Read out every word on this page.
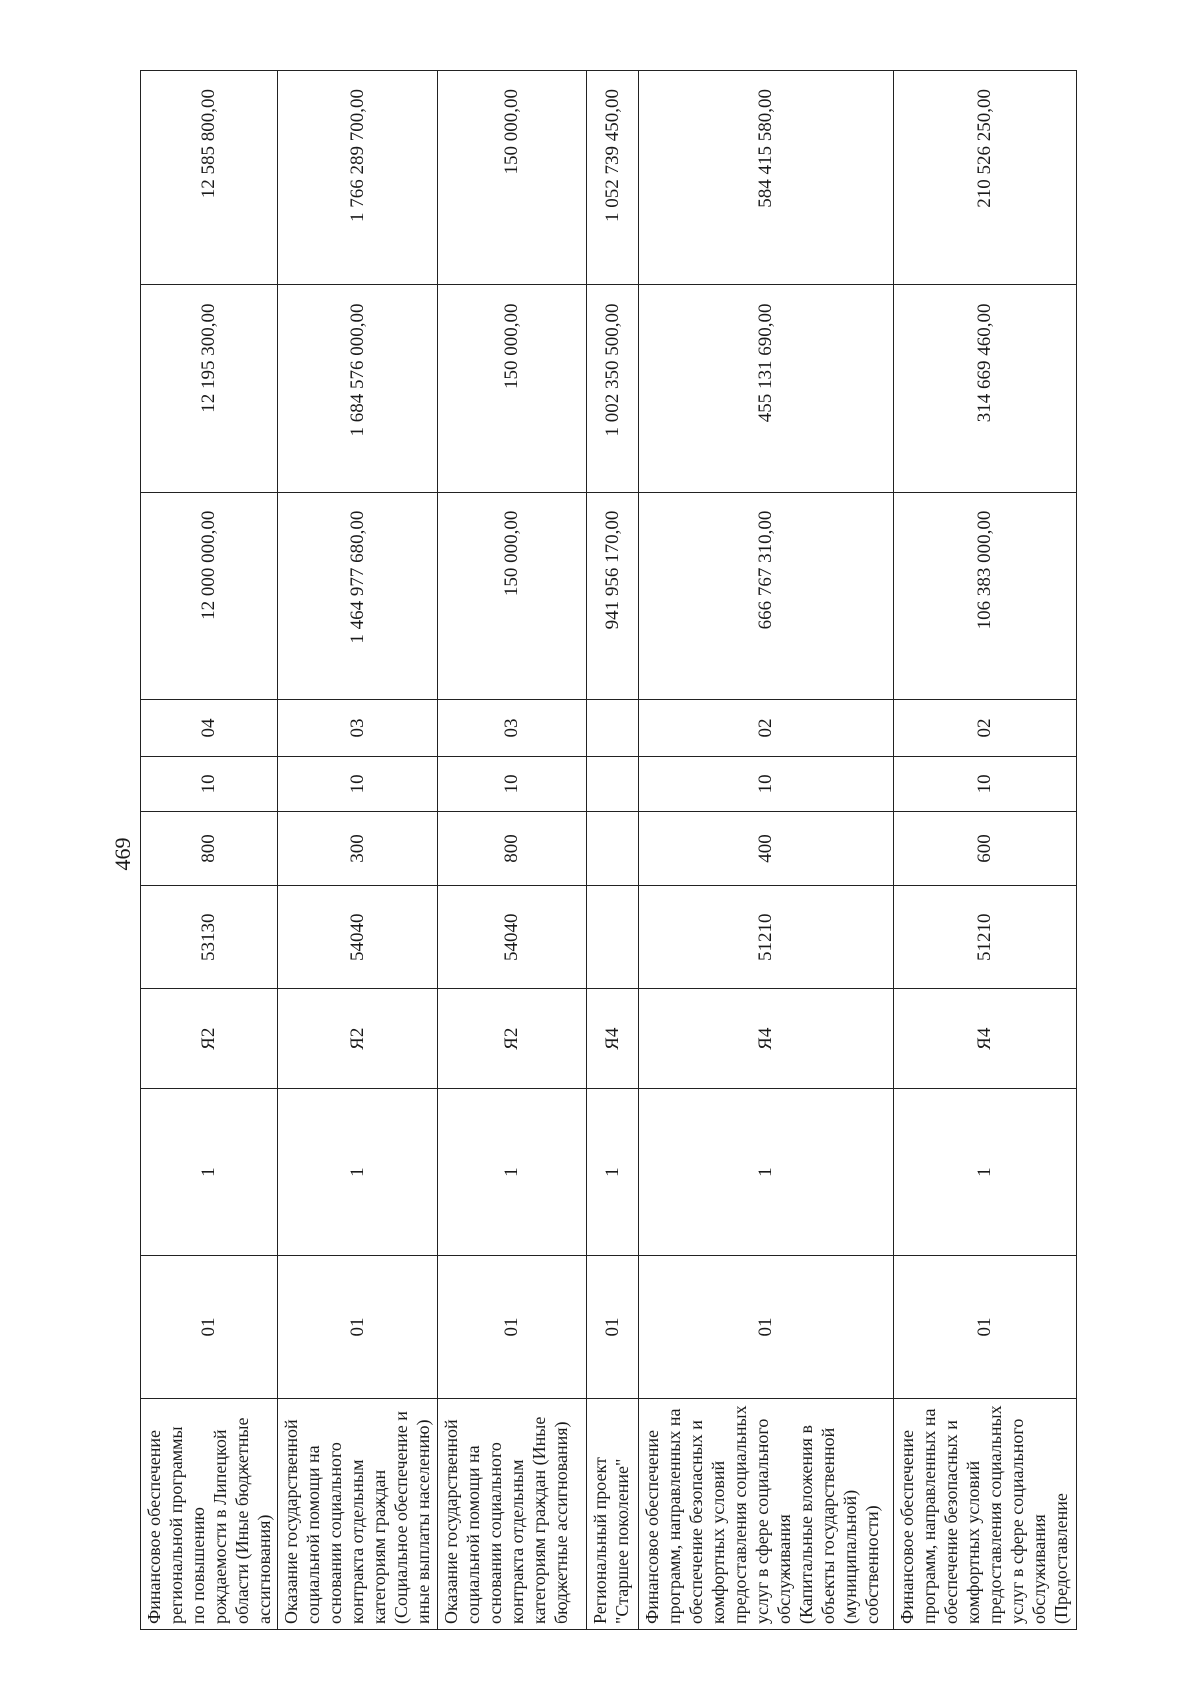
469
Финансовое обеспечение региональной программы по повышению рождаемости в Липецкой области (Иные бюджетные ассигнования)	01	1	Я2	53130	800	10	04	12 000 000,00	12 195 300,00	12 585 800,00
Оказание государственной социальной помощи на основании социального контракта отдельным категориям граждан (Социальное обеспечение и иные выплаты населению)	01	1	Я2	54040	300	10	03	1 464 977 680,00	1 684 576 000,00	1 766 289 700,00
Оказание государственной социальной помощи на основании социального контракта отдельным категориям граждан (Иные бюджетные ассигнования)	01	1	Я2	54040	800	10	03	150 000,00	150 000,00	150 000,00
Региональный проект "Старшее поколение"	01	1	Я4					941 956 170,00	1 002 350 500,00	1 052 739 450,00
Финансовое обеспечение программ, направленных на обеспечение безопасных и комфортных условий предоставления социальных услуг в сфере социального обслуживания (Капитальные вложения в объекты государственной (муниципальной) собственности)	01	1	Я4	51210	400	10	02	666 767 310,00	455 131 690,00	584 415 580,00
Финансовое обеспечение программ, направленных на обеспечение безопасных и комфортных условий предоставления социальных услуг в сфере социального обслуживания (Предоставление	01	1	Я4	51210	600	10	02	106 383 000,00	314 669 460,00	210 526 250,00
